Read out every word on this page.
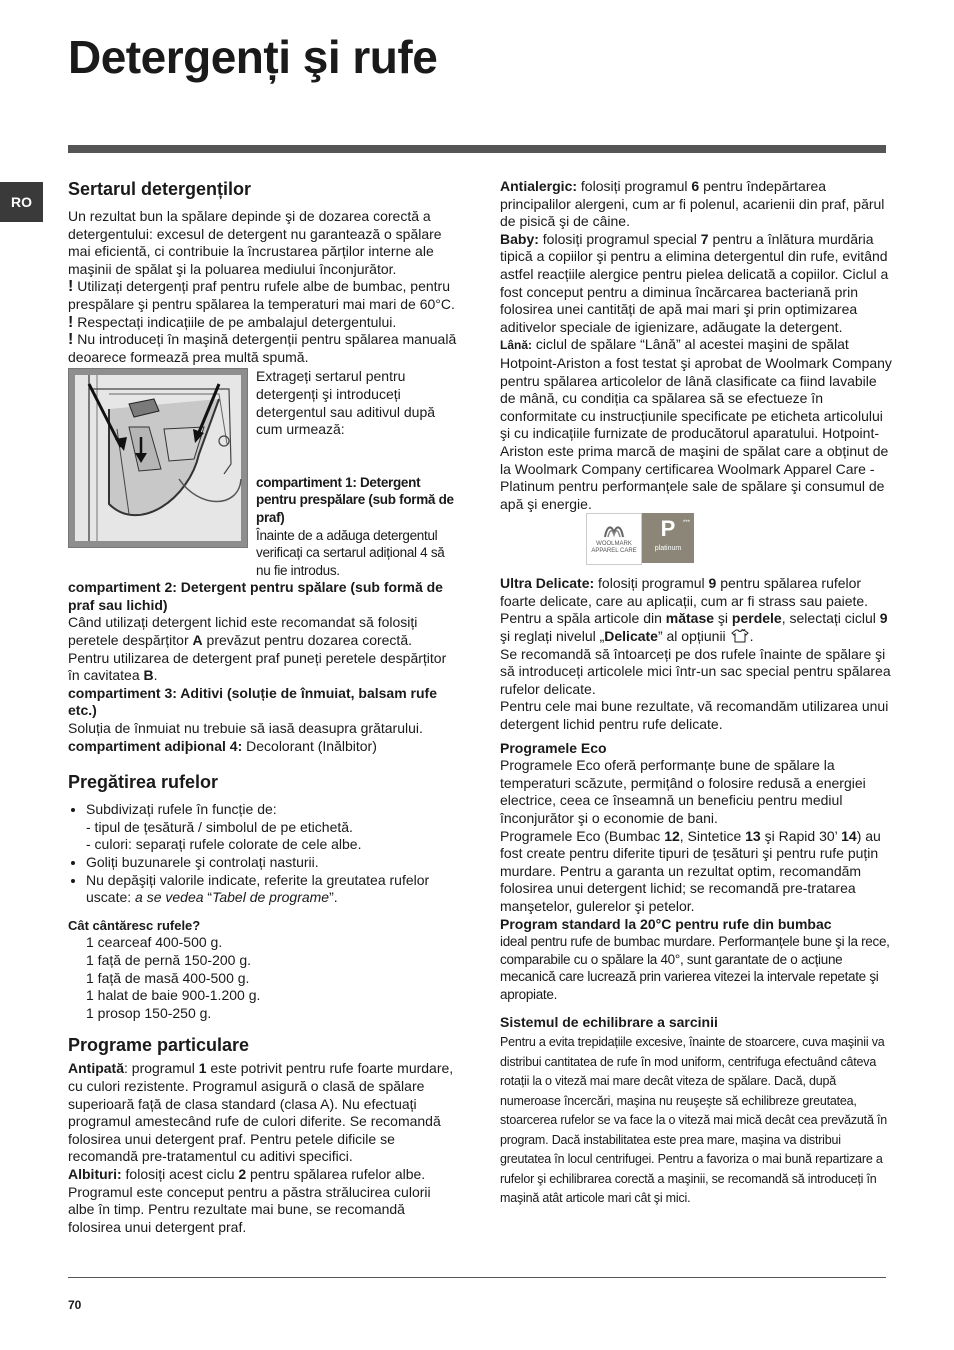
Detergenți şi rufe
RO
Sertarul detergenților

Un rezultat bun la spălare depinde şi de dozarea corectă a detergentului: excesul de detergent nu garantează o spălare mai eficientă, ci contribuie la încrustarea părților interne ale maşinii de spălat şi la poluarea mediului înconjurător.

! Utilizați detergenți praf pentru rufele albe de bumbac, pentru prespălare şi pentru spălarea la temperaturi mai mari de 60°C.

! Respectați indicațiile de pe ambalajul detergentului.

! Nu introduceți în maşină detergenții pentru spălarea manuală deoarece formează prea multă spumă.

Extrageți sertarul pentru detergenți şi introduceți detergentul sau aditivul după cum urmează:

compartiment 1: Detergent pentru prespălare (sub formă de praf)

Înainte de a adăuga detergentul verificați ca sertarul adițional 4 să nu fie introdus.

compartiment 2: Detergent pentru spălare (sub formă de praf sau lichid)

Când utilizați detergent lichid este recomandat să folosiți peretele despărțitor A prevăzut pentru dozarea corectă.

Pentru utilizarea de detergent praf puneți peretele despărțitor în cavitatea B.

compartiment 3: Aditivi (soluție de înmuiat, balsam rufe etc.)

Soluția de înmuiat nu trebuie să iasă deasupra grătarului.

compartiment adiþional 4: Decolorant (Inălbitor)

Pregătirea rufelor
• Subdivizați rufele în funcție de:
- tipul de țesătură / simbolul de pe etichetă.
- culori: separați rufele colorate de cele albe.
• Goliți buzunarele şi controlați nasturii.
• Nu depăşiți valorile indicate, referite la greutatea rufelor uscate: a se vedea “Tabel de programe”.

Cât cântăresc rufele?

1 cearceaf 400-500 g.

1 față de pernă 150-200 g.

1 față de masă 400-500 g.

1 halat de baie 900-1.200 g.

1 prosop 150-250 g.

Programe particulare

Antipată: programul 1 este potrivit pentru rufe foarte murdare, cu culori rezistente. Programul asigură o clasă de spălare superioară față de clasa standard (clasa A). Nu efectuați programul amestecând rufe de culori diferite. Se recomandă folosirea unui detergent praf. Pentru petele dificile se recomandă pre-tratamentul cu aditivi specifici.

Albituri: folosiți acest ciclu 2 pentru spălarea rufelor albe. Programul este conceput pentru a păstra strălucirea culorii albe în timp. Pentru rezultate mai bune, se recomandă folosirea unui detergent praf.

Antialergic: folosiți programul 6 pentru îndepărtarea principalilor alergeni, cum ar fi polenul, acarienii din praf, părul de pisică şi de câine.

Baby: folosiți programul special 7 pentru a înlătura murdăria tipică a copiilor şi pentru a elimina detergentul din rufe, evitând astfel reacțiile alergice pentru pielea delicată a copiilor. Ciclul a fost conceput pentru a diminua încărcarea bacteriană prin folosirea unei cantități de apă mai mari şi prin optimizarea aditivelor speciale de igienizare, adăugate la detergent.

Lână: ciclul de spălare “Lână” al acestei maşini de spălat Hotpoint-Ariston a fost testat şi aprobat de Woolmark Company pentru spălarea articolelor de lână clasificate ca fiind lavabile de mână, cu condiția ca spălarea să se efectueze în conformitate cu instrucțiunile specificate pe eticheta articolului şi cu indicațiile furnizate de producătorul aparatului. Hotpoint-Ariston este prima marcă de maşini de spălat care a obținut de la Woolmark Company certificarea Woolmark Apparel Care - Platinum pentru performanțele sale de spălare şi consumul de apă şi energie.

WOOLMARK
APPAREL CARE
***
P
platinum

Ultra Delicate: folosiți programul 9 pentru spălarea rufelor foarte delicate, care au aplicații, cum ar fi strass sau paiete.

Pentru a spăla articole din mătase şi perdele, selectați ciclul 9 şi reglați nivelul „Delicate” al opțiunii .

Se recomandă să întoarceți pe dos rufele înainte de spălare şi să introduceți articolele mici într-un sac special pentru spălarea rufelor delicate.

Pentru cele mai bune rezultate, vă recomandăm utilizarea unui detergent lichid pentru rufe delicate.

Programele Eco

Programele Eco oferă performanțe bune de spălare la temperaturi scăzute, permițând o folosire redusă a energiei electrice, ceea ce înseamnă un beneficiu pentru mediul înconjurător şi o economie de bani.

Programele Eco (Bumbac 12, Sintetice 13 şi Rapid 30’ 14) au fost create pentru diferite tipuri de țesături şi pentru rufe puțin murdare. Pentru a garanta un rezultat optim, recomandăm folosirea unui detergent lichid; se recomandă pre-tratarea manşetelor, gulerelor şi petelor.

Program standard la 20°C pentru rufe din bumbac

ideal pentru rufe de bumbac murdare. Performanțele bune şi la rece, comparabile cu o spălare la 40°, sunt garantate de o acțiune mecanică care lucrează prin varierea vitezei la intervale repetate şi apropiate.

Sistemul de echilibrare a sarcinii

Pentru a evita trepidațiile excesive, înainte de stoarcere, cuva maşinii va distribui cantitatea de rufe în mod uniform, centrifuga efectuând câteva rotații la o viteză mai mare decât viteza de spălare. Dacă, după numeroase încercări, maşina nu reuşeşte să echilibreze greutatea, stoarcerea rufelor se va face la o viteză mai mică decât cea prevăzută în program. Dacă instabilitatea este prea mare, maşina va distribui greutatea în locul centrifugei. Pentru a favoriza o mai bună repartizare a rufelor şi echilibrarea corectă a maşinii, se recomandă să introduceți în maşină atât articole mari cât şi mici.

70
